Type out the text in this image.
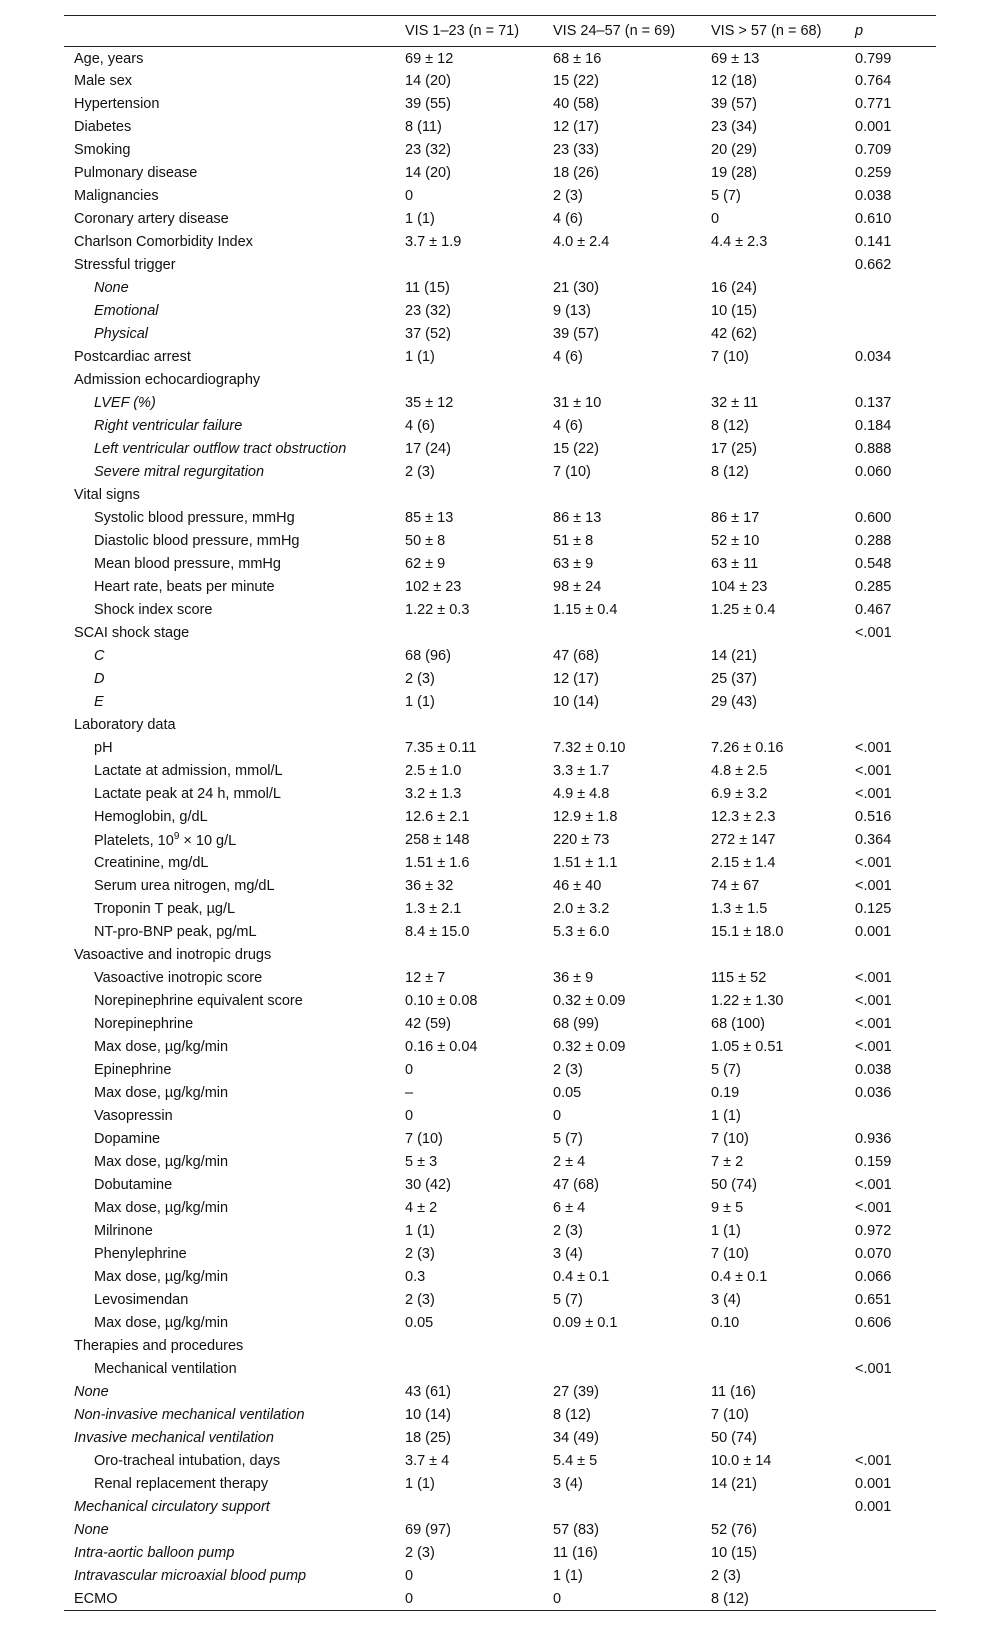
	VIS 1–23 (n = 71)	VIS 24–57 (n = 69)	VIS > 57 (n = 68)	p
Age, years	69 ± 12	68 ± 16	69 ± 13	0.799
Male sex	14 (20)	15 (22)	12 (18)	0.764
Hypertension	39 (55)	40 (58)	39 (57)	0.771
Diabetes	8 (11)	12 (17)	23 (34)	0.001
Smoking	23 (32)	23 (33)	20 (29)	0.709
Pulmonary disease	14 (20)	18 (26)	19 (28)	0.259
Malignancies	0	2 (3)	5 (7)	0.038
Coronary artery disease	1 (1)	4 (6)	0	0.610
Charlson Comorbidity Index	3.7 ± 1.9	4.0 ± 2.4	4.4 ± 2.3	0.141
Stressful trigger				0.662
None	11 (15)	21 (30)	16 (24)	
Emotional	23 (32)	9 (13)	10 (15)	
Physical	37 (52)	39 (57)	42 (62)	
Postcardiac arrest	1 (1)	4 (6)	7 (10)	0.034
Admission echocardiography				
LVEF (%)	35 ± 12	31 ± 10	32 ± 11	0.137
Right ventricular failure	4 (6)	4 (6)	8 (12)	0.184
Left ventricular outflow tract obstruction	17 (24)	15 (22)	17 (25)	0.888
Severe mitral regurgitation	2 (3)	7 (10)	8 (12)	0.060
Vital signs				
Systolic blood pressure, mmHg	85 ± 13	86 ± 13	86 ± 17	0.600
Diastolic blood pressure, mmHg	50 ± 8	51 ± 8	52 ± 10	0.288
Mean blood pressure, mmHg	62 ± 9	63 ± 9	63 ± 11	0.548
Heart rate, beats per minute	102 ± 23	98 ± 24	104 ± 23	0.285
Shock index score	1.22 ± 0.3	1.15 ± 0.4	1.25 ± 0.4	0.467
SCAI shock stage				<.001
C	68 (96)	47 (68)	14 (21)	
D	2 (3)	12 (17)	25 (37)	
E	1 (1)	10 (14)	29 (43)	
Laboratory data				
pH	7.35 ± 0.11	7.32 ± 0.10	7.26 ± 0.16	<.001
Lactate at admission, mmol/L	2.5 ± 1.0	3.3 ± 1.7	4.8 ± 2.5	<.001
Lactate peak at 24 h, mmol/L	3.2 ± 1.3	4.9 ± 4.8	6.9 ± 3.2	<.001
Hemoglobin, g/dL	12.6 ± 2.1	12.9 ± 1.8	12.3 ± 2.3	0.516
Platelets, $10^9 \times 10$ g/L	258 ± 148	220 ± 73	272 ± 147	0.364
Creatinine, mg/dL	1.51 ± 1.6	1.51 ± 1.1	2.15 ± 1.4	<.001
Serum urea nitrogen, mg/dL	36 ± 32	46 ± 40	74 ± 67	<.001
Troponin T peak, µg/L	1.3 ± 2.1	2.0 ± 3.2	1.3 ± 1.5	0.125
NT-pro-BNP peak, pg/mL	8.4 ± 15.0	5.3 ± 6.0	15.1 ± 18.0	0.001
Vasoactive and inotropic drugs				
Vasoactive inotropic score	12 ± 7	36 ± 9	115 ± 52	<.001
Norepinephrine equivalent score	0.10 ± 0.08	0.32 ± 0.09	1.22 ± 1.30	<.001
Norepinephrine	42 (59)	68 (99)	68 (100)	<.001
Max dose, µg/kg/min	0.16 ± 0.04	0.32 ± 0.09	1.05 ± 0.51	<.001
Epinephrine	0	2 (3)	5 (7)	0.038
Max dose, µg/kg/min	–	0.05	0.19	0.036
Vasopressin	0	0	1 (1)	
Dopamine	7 (10)	5 (7)	7 (10)	0.936
Max dose, µg/kg/min	5 ± 3	2 ± 4	7 ± 2	0.159
Dobutamine	30 (42)	47 (68)	50 (74)	<.001
Max dose, µg/kg/min	4 ± 2	6 ± 4	9 ± 5	<.001
Milrinone	1 (1)	2 (3)	1 (1)	0.972
Phenylephrine	2 (3)	3 (4)	7 (10)	0.070
Max dose, µg/kg/min	0.3	0.4 ± 0.1	0.4 ± 0.1	0.066
Levosimendan	2 (3)	5 (7)	3 (4)	0.651
Max dose, µg/kg/min	0.05	0.09 ± 0.1	0.10	0.606
Therapies and procedures				
Mechanical ventilation				<.001
None	43 (61)	27 (39)	11 (16)	
Non-invasive mechanical ventilation	10 (14)	8 (12)	7 (10)	
Invasive mechanical ventilation	18 (25)	34 (49)	50 (74)	
Oro-tracheal intubation, days	3.7 ± 4	5.4 ± 5	10.0 ± 14	<.001
Renal replacement therapy	1 (1)	3 (4)	14 (21)	0.001
Mechanical circulatory support				0.001
None	69 (97)	57 (83)	52 (76)	
Intra-aortic balloon pump	2 (3)	11 (16)	10 (15)	
Intravascular microaxial blood pump	0	1 (1)	2 (3)	
ECMO	0	0	8 (12)	
